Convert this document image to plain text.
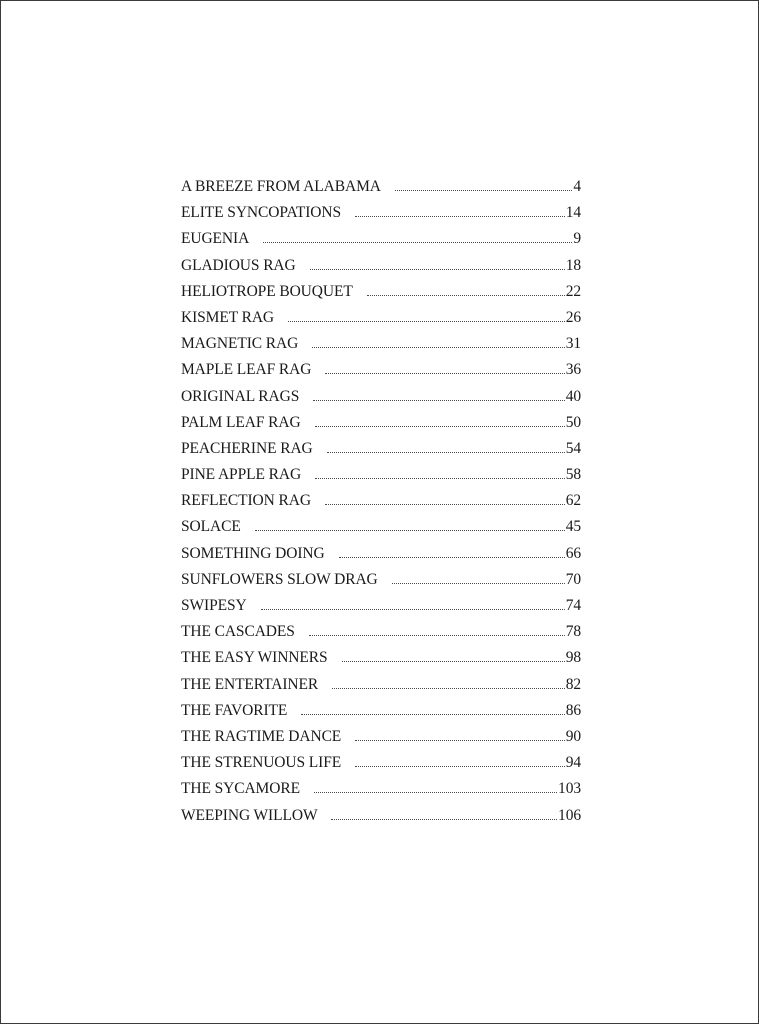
A BREEZE FROM ALABAMA	4
ELITE SYNCOPATIONS	14
EUGENIA	9
GLADIOUS RAG	18
HELIOTROPE BOUQUET	22
KISMET RAG	26
MAGNETIC RAG	31
MAPLE LEAF RAG	36
ORIGINAL RAGS	40
PALM LEAF RAG	50
PEACHERINE RAG	54
PINE APPLE RAG	58
REFLECTION RAG	62
SOLACE	45
SOMETHING DOING	66
SUNFLOWERS SLOW DRAG	70
SWIPESY	74
THE CASCADES	78
THE EASY WINNERS	98
THE ENTERTAINER	82
THE FAVORITE	86
THE RAGTIME DANCE	90
THE STRENUOUS LIFE	94
THE SYCAMORE	103
WEEPING WILLOW	106
